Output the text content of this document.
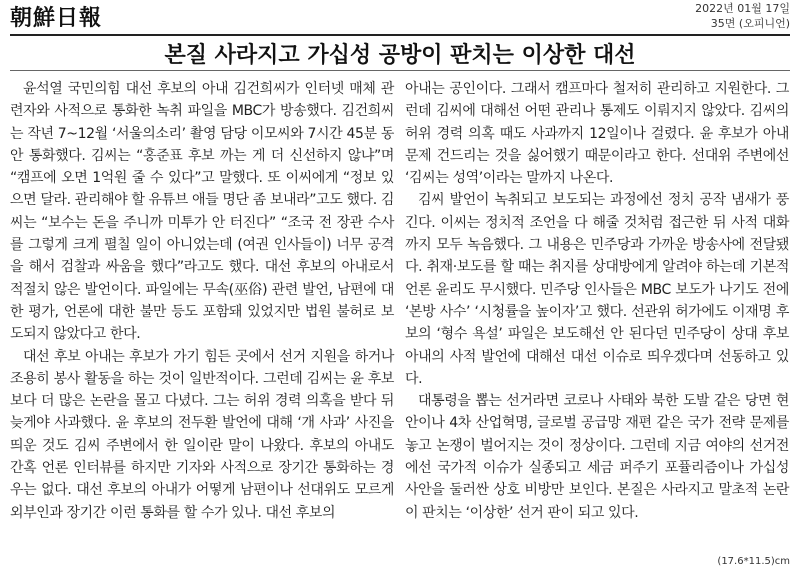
朝鮮日報	2022년 01월 17일
35면 (오피니언)
본질 사라지고 가십성 공방이 판치는 이상한 대선

윤석열 국민의힘 대선 후보의 아내 김건희씨가 인터넷 매체 관련자와 사적으로 통화한 녹취 파일을 MBC가 방송했다. 김건희씨는 작년 7~12월 ‘서울의소리’ 촬영 담당 이모씨와 7시간 45분 동안 통화했다. 김씨는 “홍준표 후보 까는 게 더 신선하지 않냐”며 “캠프에 오면 1억원 줄 수 있다”고 말했다. 또 이씨에게 “정보 있으면 달라. 관리해야 할 유튜브 애들 명단 좀 보내라”고도 했다. 김씨는 “보수는 돈을 주니까 미투가 안 터진다” “조국 전 장관 수사를 그렇게 크게 펼칠 일이 아니었는데 (여권 인사들이) 너무 공격을 해서 검찰과 싸움을 했다”라고도 했다. 대선 후보의 아내로서 적절치 않은 발언이다. 파일에는 무속(巫俗) 관련 발언, 남편에 대한 평가, 언론에 대한 불만 등도 포함돼 있었지만 법원 불허로 보도되지 않았다고 한다.

대선 후보 아내는 후보가 가기 힘든 곳에서 선거 지원을 하거나 조용히 봉사 활동을 하는 것이 일반적이다. 그런데 김씨는 윤 후보보다 더 많은 논란을 몰고 다녔다. 그는 허위 경력 의혹을 받다 뒤늦게야 사과했다. 윤 후보의 전두환 발언에 대해 ‘개 사과’ 사진을 띄운 것도 김씨 주변에서 한 일이란 말이 나왔다. 후보의 아내도 간혹 언론 인터뷰를 하지만 기자와 사적으로 장기간 통화하는 경우는 없다. 대선 후보의 아내가 어떻게 남편이나 선대위도 모르게 외부인과 장기간 이런 통화를 할 수가 있나. 대선 후보의

아내는 공인이다. 그래서 캠프마다 철저히 관리하고 지원한다. 그런데 김씨에 대해선 어떤 관리나 통제도 이뤄지지 않았다. 김씨의 허위 경력 의혹 때도 사과까지 12일이나 걸렸다. 윤 후보가 아내 문제 건드리는 것을 싫어했기 때문이라고 한다. 선대위 주변에선 ‘김씨는 성역’이라는 말까지 나온다.

김씨 발언이 녹취되고 보도되는 과정에선 정치 공작 냄새가 풍긴다. 이씨는 정치적 조언을 다 해줄 것처럼 접근한 뒤 사적 대화까지 모두 녹음했다. 그 내용은 민주당과 가까운 방송사에 전달됐다. 취재·보도를 할 때는 취지를 상대방에게 알려야 하는데 기본적 언론 윤리도 무시했다. 민주당 인사들은 MBC 보도가 나기도 전에 ‘본방 사수’ ‘시청률을 높이자’고 했다. 선관위 허가에도 이재명 후보의 ‘형수 욕설’ 파일은 보도해선 안 된다던 민주당이 상대 후보 아내의 사적 발언에 대해선 대선 이슈로 띄우겠다며 선동하고 있다.

대통령을 뽑는 선거라면 코로나 사태와 북한 도발 같은 당면 현안이나 4차 산업혁명, 글로벌 공급망 재편 같은 국가 전략 문제를 놓고 논쟁이 벌어지는 것이 정상이다. 그런데 지금 여야의 선거전에선 국가적 이슈가 실종되고 세금 퍼주기 포퓰리즘이나 가십성 사안을 둘러싼 상호 비방만 보인다. 본질은 사라지고 말초적 논란이 판치는 ‘이상한’ 선거 판이 되고 있다.

(17.6*11.5)cm
